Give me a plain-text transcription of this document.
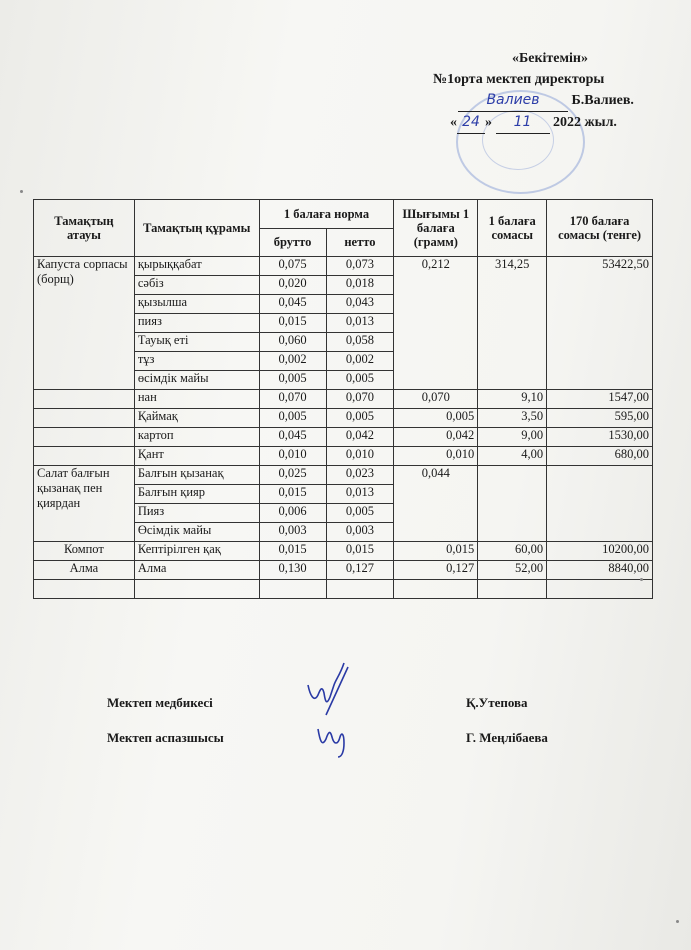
«Бекітемін»
№1орта мектеп директоры
Валиев Б.Валиев.
« 24 » 11 2022 жыл.
Тамақтың атауы	Тамақтың құрамы	1 балаға норма		Шығымы 1 балаға (грамм)	1 балаға сомасы	170 балаға сомасы (тенге)
		брутто	нетто			
Капуста сорпасы (борщ)	қырыққабат	0,075	0,073	0,212	314,25	53422,50
	сәбіз	0,020	0,018			
	қызылша	0,045	0,043			
	пияз	0,015	0,013			
	Тауық еті	0,060	0,058			
	тұз	0,002	0,002			
	өсімдік майы	0,005	0,005			
	нан	0,070	0,070	0,070	9,10	1547,00
	Қаймақ	0,005	0,005	0,005	3,50	595,00
	картоп	0,045	0,042	0,042	9,00	1530,00
	Қант	0,010	0,010	0,010	4,00	680,00
Салат балғын қызанақ пен қиярдан	Балғын қызанақ	0,025	0,023	0,044		
	Балғын қияр	0,015	0,013			
	Пияз	0,006	0,005			
	Өсімдік майы	0,003	0,003			
Компот	Кептірілген қақ	0,015	0,015	0,015	60,00	10200,00
Алма	Алма	0,130	0,127	0,127	52,00	8840,00

Мектеп медбикесі	Қ.Утепова
Мектеп аспазшысы	Г. Меңлібаева
